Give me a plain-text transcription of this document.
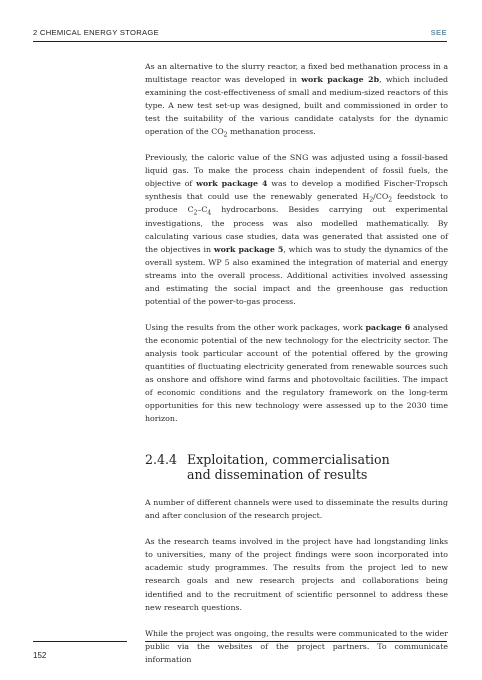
2 CHEMICAL ENERGY STORAGE	SEE

As an alternative to the slurry reactor, a fixed bed methanation process in a multistage reactor was developed in work package 2b, which included examining the cost-effectiveness of small and medium-sized reactors of this type. A new test set-up was designed, built and commissioned in order to test the suitability of the various candidate catalysts for the dynamic operation of the $CO_2$ methanation process.

Previously, the caloric value of the SNG was adjusted using a fossil-based liquid gas. To make the process chain independent of fossil fuels, the objective of work package 4 was to develop a modified Fischer-Tropsch synthesis that could use the renewably generated $H_2/CO_2$ feedstock to produce $C_2-C_4$ hydrocarbons. Besides carrying out experimental investigations, the process was also modelled mathematically. By calculating various case studies, data was generated that assisted one of the objectives in work package 5, which was to study the dynamics of the overall system. WP 5 also examined the integration of material and energy streams into the overall process. Additional activities involved assessing and estimating the social impact and the greenhouse gas reduction potential of the power-to-gas process.

Using the results from the other work packages, work package 6 analysed the economic potential of the new technology for the electricity sector. The analysis took particular account of the potential offered by the growing quantities of fluctuating electricity generated from renewable sources such as onshore and offshore wind farms and photovoltaic facilities. The impact of economic conditions and the regulatory framework on the long-term opportunities for this new technology were assessed up to the 2030 time horizon.

2.4.4 Exploitation, commercialisation
and dissemination of results

A number of different channels were used to disseminate the results during and after conclusion of the research project.

As the research teams involved in the project have had longstanding links to universities, many of the project findings were soon incorporated into academic study programmes. The results from the project led to new research goals and new research projects and collaborations being identified and to the recruitment of scientific personnel to address these new research questions.

While the project was ongoing, the results were communicated to the wider public via the websites of the project partners. To communicate information

152
